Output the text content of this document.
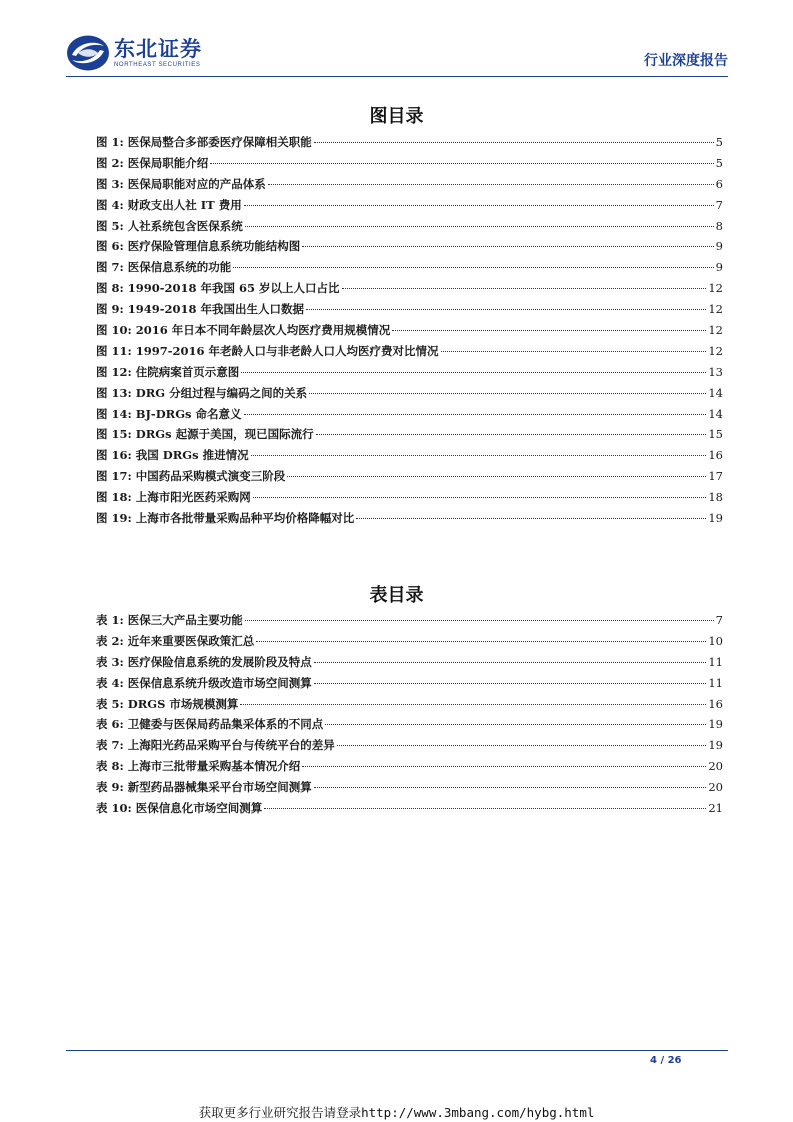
东北证券
NORTHEAST SECURITIES	行业深度报告
图目录
图 1: 医保局整合多部委医疗保障相关职能	5
图 2: 医保局职能介绍	5
图 3: 医保局职能对应的产品体系	6
图 4: 财政支出人社 IT 费用	7
图 5: 人社系统包含医保系统	8
图 6: 医疗保险管理信息系统功能结构图	9
图 7: 医保信息系统的功能	9
图 8: 1990-2018 年我国 65 岁以上人口占比	12
图 9: 1949-2018 年我国出生人口数据	12
图 10: 2016 年日本不同年龄层次人均医疗费用规模情况	12
图 11: 1997-2016 年老龄人口与非老龄人口人均医疗费对比情况	12
图 12: 住院病案首页示意图	13
图 13: DRG 分组过程与编码之间的关系	14
图 14: BJ-DRGs 命名意义	14
图 15: DRGs 起源于美国，现已国际流行	15
图 16: 我国 DRGs 推进情况	16
图 17: 中国药品采购模式演变三阶段	17
图 18: 上海市阳光医药采购网	18
图 19: 上海市各批带量采购品种平均价格降幅对比	19
表目录
表 1: 医保三大产品主要功能	7
表 2: 近年来重要医保政策汇总	10
表 3: 医疗保险信息系统的发展阶段及特点	11
表 4: 医保信息系统升级改造市场空间测算	11
表 5: DRGS 市场规模测算	16
表 6: 卫健委与医保局药品集采体系的不同点	19
表 7: 上海阳光药品采购平台与传统平台的差异	19
表 8: 上海市三批带量采购基本情况介绍	20
表 9: 新型药品器械集采平台市场空间测算	20
表 10: 医保信息化市场空间测算	21
4 / 26
获取更多行业研究报告请登录http://www.3mbang.com/hybg.html
